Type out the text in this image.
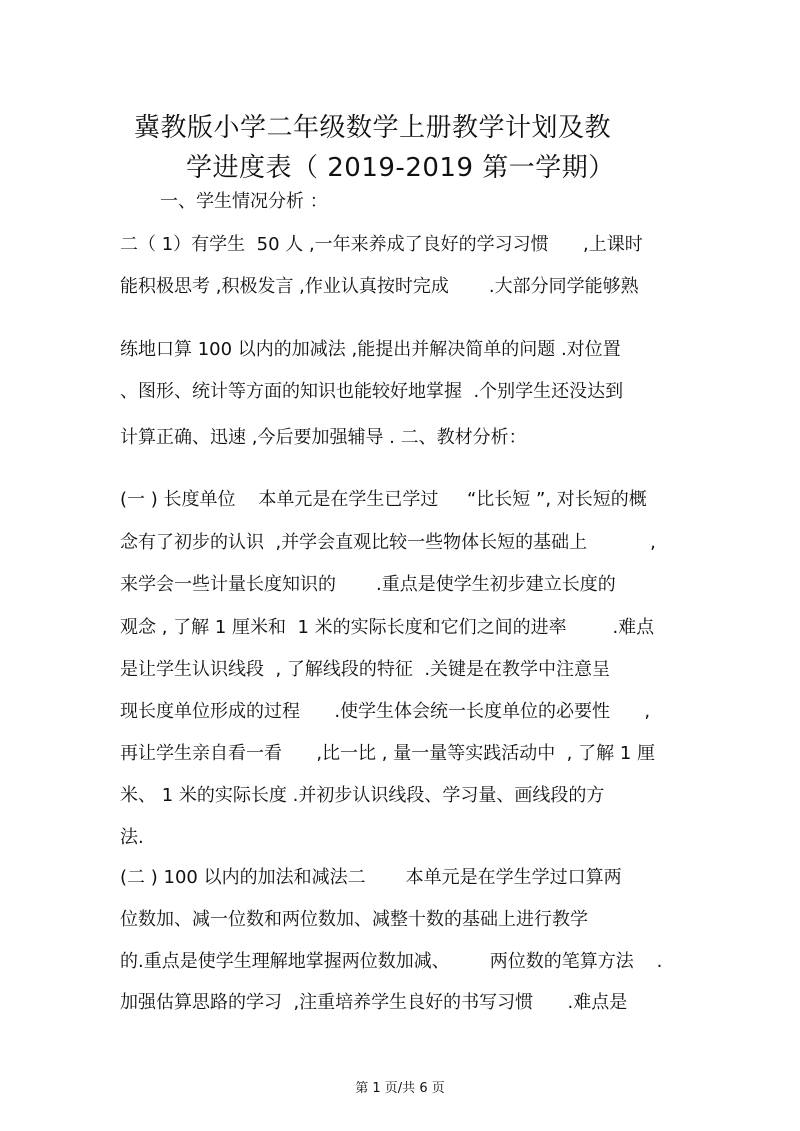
冀教版小学二年级数学上册教学计划及教
学进度表（ 2019-2019 第一学期）
一、学生情况分析 ：
二（ 1）有学生  50 人 ,一年来养成了良好的学习习惯      ,上课时
能积极思考 ,积极发言 ,作业认真按时完成       .大部分同学能够熟
练地口算 100 以内的加减法 ,能提出并解决简单的问题 .对位置
、图形、统计等方面的知识也能较好地掌握  .个别学生还没达到
计算正确、迅速 ,今后要加强辅导 . 二、教材分析：
(一 ) 长度单位    本单元是在学生已学过     “比长短 ”, 对长短的概
念有了初步的认识  ,并学会直观比较一些物体长短的基础上           ,
来学会一些计量长度知识的       .重点是使学生初步建立长度的
观念 , 了解 1 厘米和  1 米的实际长度和它们之间的进率        .难点
是让学生认识线段  , 了解线段的特征  .关键是在教学中注意呈
现长度单位形成的过程      .使学生体会统一长度单位的必要性      ,
再让学生亲自看一看      ,比一比 , 量一量等实践活动中  , 了解 1 厘
米、 1 米的实际长度 .并初步认识线段、学习量、画线段的方
法.
(二 ) 100 以内的加法和减法二       本单元是在学生学过口算两
位数加、减一位数和两位数加、减整十数的基础上进行教学
的.重点是使学生理解地掌握两位数加减、       两位数的笔算方法    .
加强估算思路的学习  ,注重培养学生良好的书写习惯      .难点是
第 1 页/共 6 页
